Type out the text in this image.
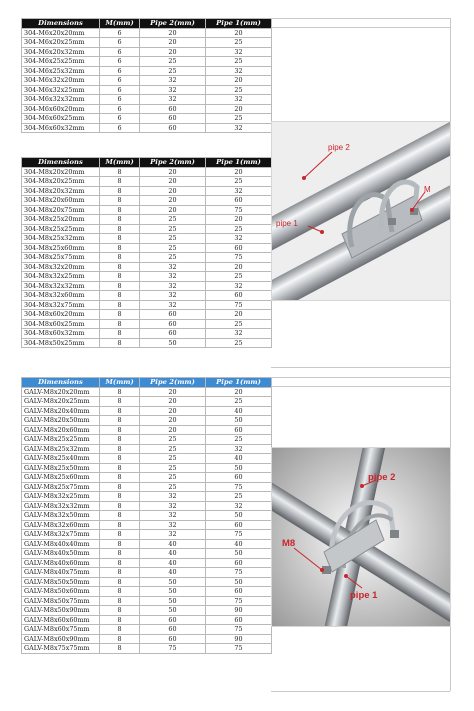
Dimensions	M(mm)	Pipe 2(mm)	Pipe 1(mm)
304-M6x20x20mm	6	20	20
304-M6x20x25mm	6	20	25
304-M6x20x32mm	6	20	32
304-M6x25x25mm	6	25	25
304-M6x25x32mm	6	25	32
304-M6x32x20mm	6	32	20
304-M6x32x25mm	6	32	25
304-M6x32x32mm	6	32	32
304-M6x60x20mm	6	60	20
304-M6x60x25mm	6	60	25
304-M6x60x32mm	6	60	32
Dimensions	M(mm)	Pipe 2(mm)	Pipe 1(mm)
304-M8x20x20mm	8	20	20
304-M8x20x25mm	8	20	25
304-M8x20x32mm	8	20	32
304-M8x20x60mm	8	20	60
304-M8x20x75mm	8	20	75
304-M8x25x20mm	8	25	20
304-M8x25x25mm	8	25	25
304-M8x25x32mm	8	25	32
304-M8x25x60mm	8	25	60
304-M8x25x75mm	8	25	75
304-M8x32x20mm	8	32	20
304-M8x32x25mm	8	32	25
304-M8x32x32mm	8	32	32
304-M8x32x60mm	8	32	60
304-M8x32x75mm	8	32	75
304-M8x60x20mm	8	60	20
304-M8x60x25mm	8	60	25
304-M8x60x32mm	8	60	32
304-M8x50x25mm	8	50	25
Dimensions	M(mm)	Pipe 2(mm)	Pipe 1(mm)
GALV-M8x20x20mm	8	20	20
GALV-M8x20x25mm	8	20	25
GALV-M8x20x40mm	8	20	40
GALV-M8x20x50mm	8	20	50
GALV-M8x20x60mm	8	20	60
GALV-M8x25x25mm	8	25	25
GALV-M8x25x32mm	8	25	32
GALV-M8x25x40mm	8	25	40
GALV-M8x25x50mm	8	25	50
GALV-M8x25x60mm	8	25	60
GALV-M8x25x75mm	8	25	75
GALV-M8x32x25mm	8	32	25
GALV-M8x32x32mm	8	32	32
GALV-M8x32x50mm	8	32	50
GALV-M8x32x60mm	8	32	60
GALV-M8x32x75mm	8	32	75
GALV-M8x40x40mm	8	40	40
GALV-M8x40x50mm	8	40	50
GALV-M8x40x60mm	8	40	60
GALV-M8x40x75mm	8	40	75
GALV-M8x50x50mm	8	50	50
GALV-M8x50x60mm	8	50	60
GALV-M8x50x75mm	8	50	75
GALV-M8x50x90mm	8	50	90
GALV-M8x60x60mm	8	60	60
GALV-M8x60x75mm	8	60	75
GALV-M8x60x90mm	8	60	90
GALV-M8x75x75mm	8	75	75
pipe 2
pipe 1
M
pipe 2
M8
pipe 1
